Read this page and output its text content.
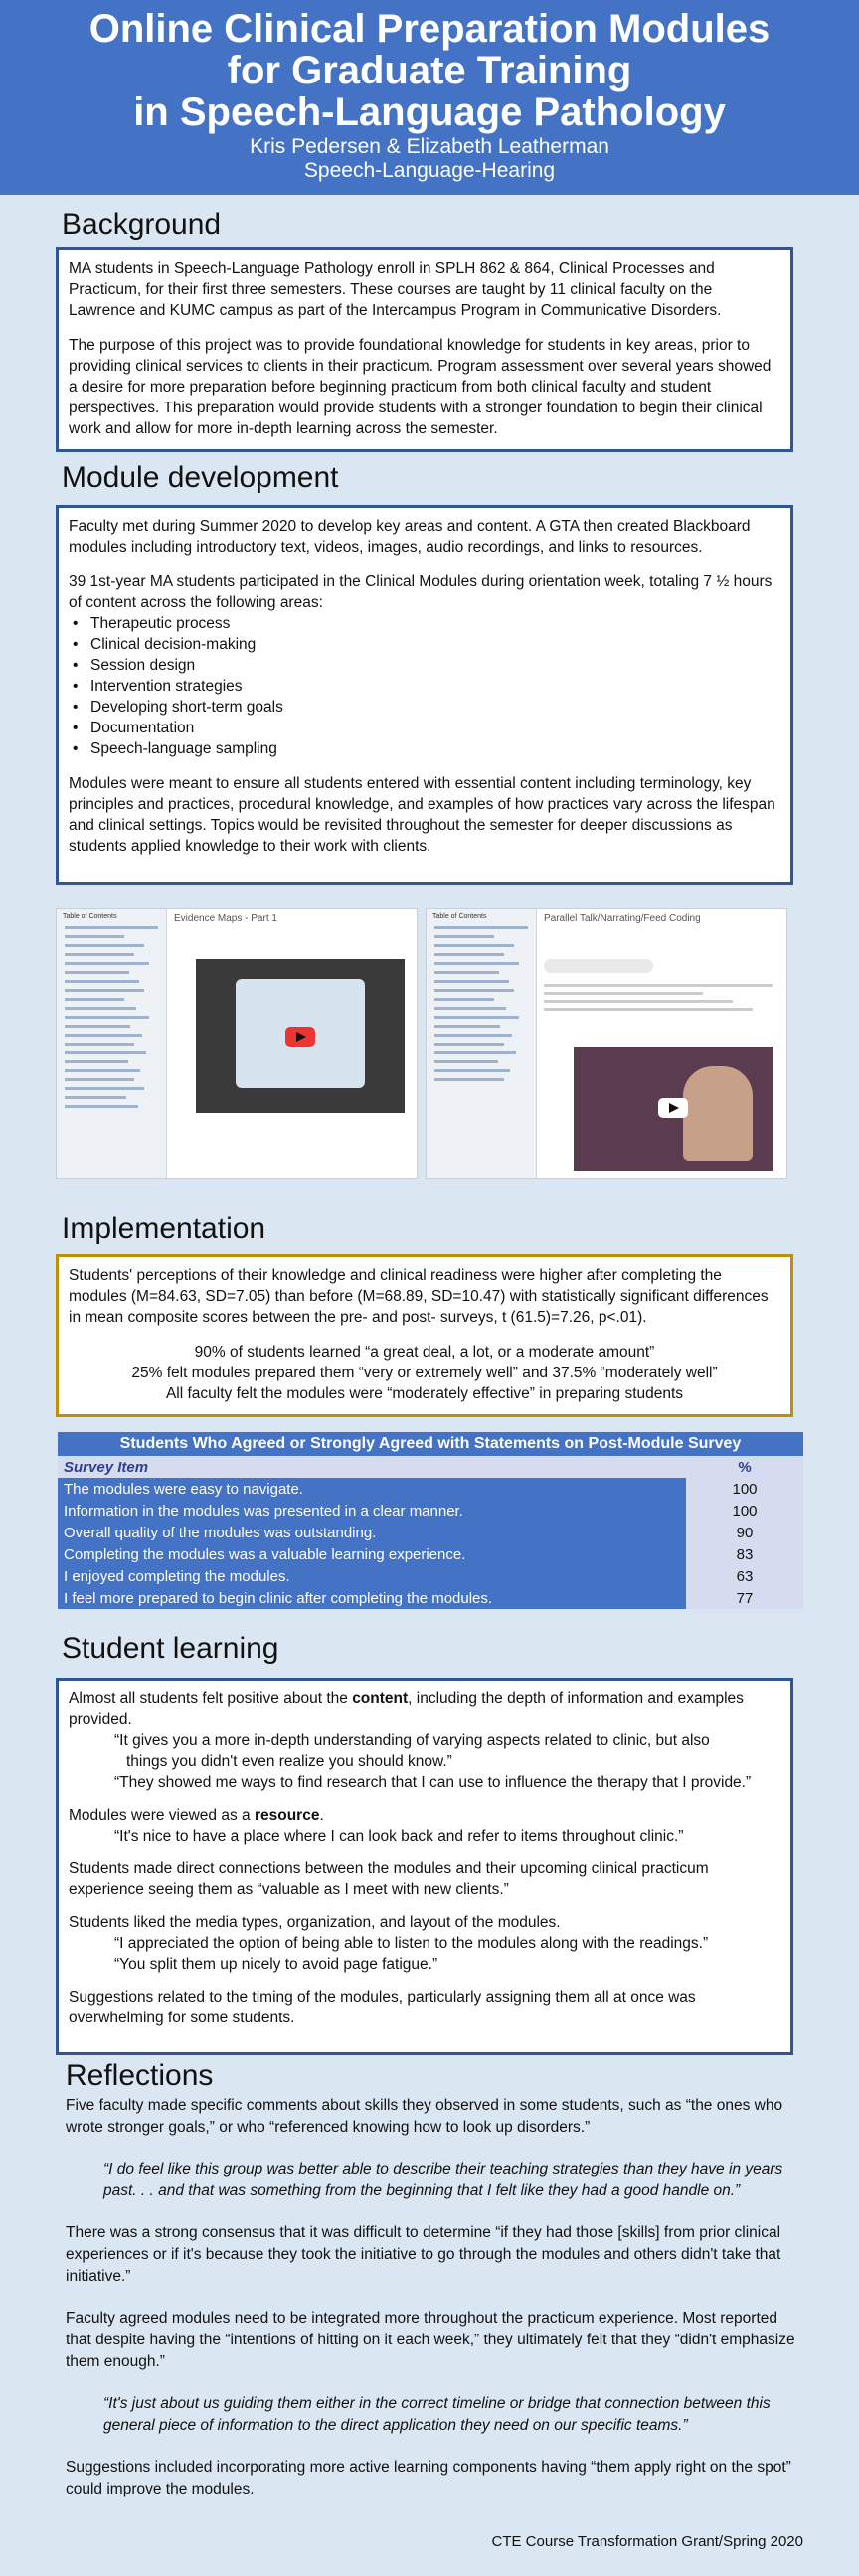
Online Clinical Preparation Modules
for Graduate Training
in Speech-Language Pathology
Kris Pedersen & Elizabeth Leatherman
Speech-Language-Hearing
Background

MA students in Speech-Language Pathology enroll in SPLH 862 & 864, Clinical Processes and Practicum, for their first three semesters. These courses are taught by 11 clinical faculty on the Lawrence and KUMC campus as part of the Intercampus Program in Communicative Disorders.

The purpose of this project was to provide foundational knowledge for students in key areas, prior to providing clinical services to clients in their practicum. Program assessment over several years showed a desire for more preparation before beginning practicum from both clinical faculty and student perspectives. This preparation would provide students with a stronger foundation to begin their clinical work and allow for more in-depth learning across the semester.

Module development

Faculty met during Summer 2020 to develop key areas and content. A GTA then created Blackboard modules including introductory text, videos, images, audio recordings, and links to resources.

39 1st-year MA students participated in the Clinical Modules during orientation week, totaling 7 ½ hours of content across the following areas:

• Therapeutic process
• Clinical decision-making
• Session design
• Intervention strategies
• Developing short-term goals
• Documentation
• Speech-language sampling

Modules were meant to ensure all students entered with essential content including terminology, key principles and practices, procedural knowledge, and examples of how practices vary across the lifespan and clinical settings. Topics would be revisited throughout the semester for deeper discussions as students applied knowledge to their work with clients.

Table of Contents	Evidence Maps - Part 1	Table of Contents	Parallel Talk/Narrating/Feed Coding
Implementation

Students' perceptions of their knowledge and clinical readiness were higher after completing the modules (M=84.63, SD=7.05) than before (M=68.89, SD=10.47) with statistically significant differences in mean composite scores between the pre- and post- surveys, t (61.5)=7.26, p<.01).

90% of students learned “a great deal, a lot, or a moderate amount”
25% felt modules prepared them “very or extremely well” and 37.5% “moderately well”
All faculty felt the modules were “moderately effective” in preparing students
Students Who Agreed or Strongly Agreed with Statements on Post-Module Survey	
Survey Item	%
The modules were easy to navigate.	100
Information in the modules was presented in a clear manner.	100
Overall quality of the modules was outstanding.	90
Completing the modules was a valuable learning experience.	83
I enjoyed completing the modules.	63
I feel more prepared to begin clinic after completing the modules.	77
Student learning
Almost all students felt positive about the content, including the depth of information and examples provided.
“It gives you a more in-depth understanding of varying aspects related to clinic, but also
things you didn't even realize you should know.”
“They showed me ways to find research that I can use to influence the therapy that I provide.”
Modules were viewed as a resource.
“It's nice to have a place where I can look back and refer to items throughout clinic.”
Students made direct connections between the modules and their upcoming clinical practicum experience seeing them as “valuable as I meet with new clients.”
Students liked the media types, organization, and layout of the modules.
“I appreciated the option of being able to listen to the modules along with the readings.”
“You split them up nicely to avoid page fatigue.”
Suggestions related to the timing of the modules, particularly assigning them all at once was overwhelming for some students.
Reflections

Five faculty made specific comments about skills they observed in some students, such as “the ones who wrote stronger goals,” or who “referenced knowing how to look up disorders.”

“I do feel like this group was better able to describe their teaching strategies than they have in years past. . . and that was something from the beginning that I felt like they had a good handle on.”

There was a strong consensus that it was difficult to determine “if they had those [skills] from prior clinical experiences or if it's because they took the initiative to go through the modules and others didn't take that initiative.”

Faculty agreed modules need to be integrated more throughout the practicum experience. Most reported that despite having the “intentions of hitting on it each week,” they ultimately felt that they “didn't emphasize them enough.”

“It's just about us guiding them either in the correct timeline or bridge that connection between this general piece of information to the direct application they need on our specific teams.”

Suggestions included incorporating more active learning components having “them apply right on the spot” could improve the modules.

CTE Course Transformation Grant/Spring 2020
